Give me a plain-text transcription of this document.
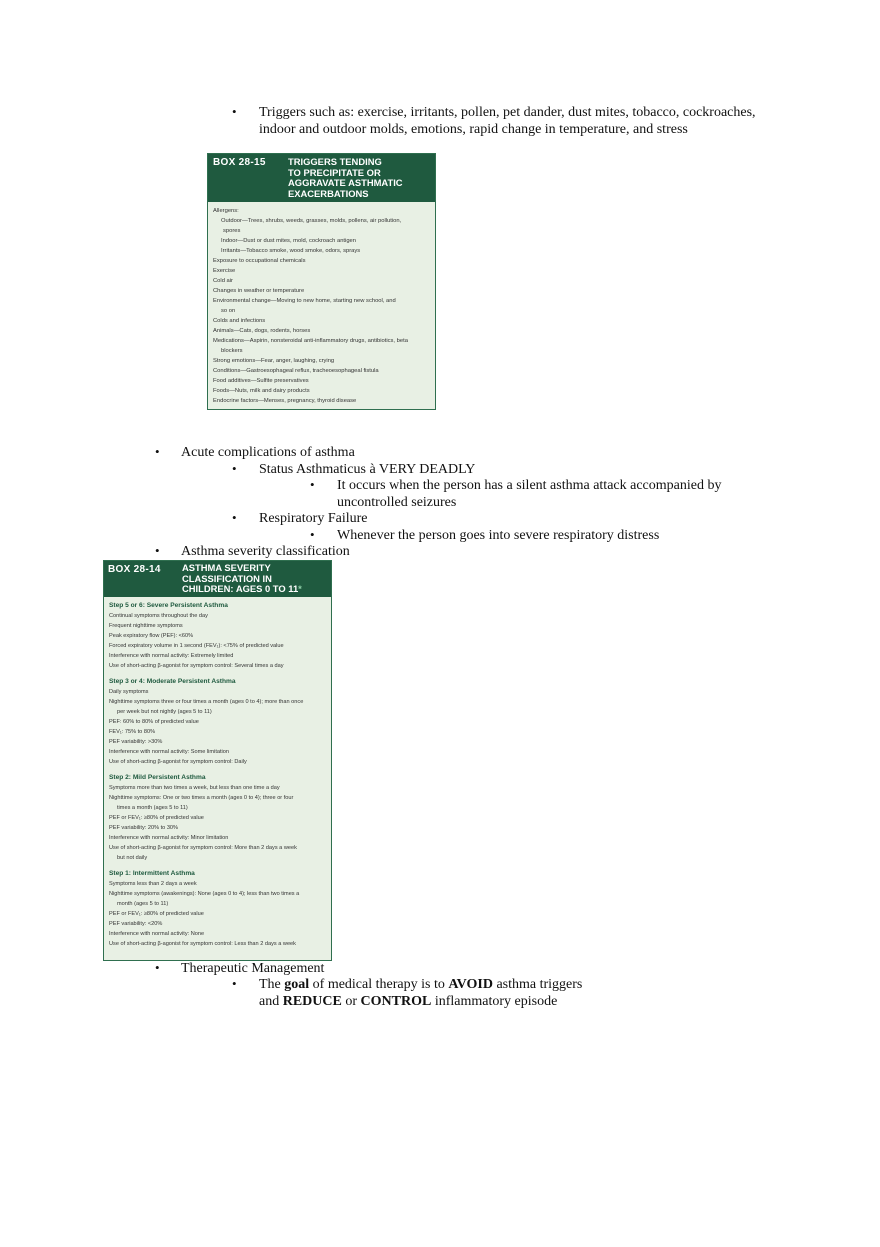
• Triggers such as: exercise, irritants, pollen, pet dander, dust mites, tobacco, cockroaches,
indoor and outdoor molds, emotions, rapid change in temperature, and stress
BOX 28-15 TRIGGERS TENDING
TO PRECIPITATE OR
AGGRAVATE ASTHMATIC
EXACERBATIONS
Allergens:
Outdoor—Trees, shrubs, weeds, grasses, molds, pollens, air pollution,
spores
Indoor—Dust or dust mites, mold, cockroach antigen
Irritants—Tobacco smoke, wood smoke, odors, sprays
Exposure to occupational chemicals
Exercise
Cold air
Changes in weather or temperature
Environmental change—Moving to new home, starting new school, and
so on
Colds and infections
Animals—Cats, dogs, rodents, horses
Medications—Aspirin, nonsteroidal anti-inflammatory drugs, antibiotics, beta
blockers
Strong emotions—Fear, anger, laughing, crying
Conditions—Gastroesophageal reflux, tracheoesophageal fistula
Food additives—Sulfite preservatives
Foods—Nuts, milk and dairy products
Endocrine factors—Menses, pregnancy, thyroid disease
• Acute complications of asthma
• Status Asthmaticus à VERY DEADLY
• It occurs when the person has a silent asthma attack accompanied by
uncontrolled seizures
• Respiratory Failure
• Whenever the person goes into severe respiratory distress
• Asthma severity classification
BOX 28-14 ASTHMA SEVERITY
CLASSIFICATION IN
CHILDREN: AGES 0 TO 11*
Step 5 or 6: Severe Persistent Asthma
Continual symptoms throughout the day
Frequent nighttime symptoms
Peak expiratory flow (PEF): <60%
Forced expiratory volume in 1 second (FEV₁): <75% of predicted value
Interference with normal activity: Extremely limited
Use of short-acting β-agonist for symptom control: Several times a day
Step 3 or 4: Moderate Persistent Asthma
Daily symptoms
Nighttime symptoms three or four times a month (ages 0 to 4); more than once
per week but not nightly (ages 5 to 11)
PEF: 60% to 80% of predicted value
FEV₁: 75% to 80%
PEF variability: >30%
Interference with normal activity: Some limitation
Use of short-acting β-agonist for symptom control: Daily
Step 2: Mild Persistent Asthma
Symptoms more than two times a week, but less than one time a day
Nighttime symptoms: One or two times a month (ages 0 to 4); three or four
times a month (ages 5 to 11)
PEF or FEV₁: ≥80% of predicted value
PEF variability: 20% to 30%
Interference with normal activity: Minor limitation
Use of short-acting β-agonist for symptom control: More than 2 days a week
but not daily
Step 1: Intermittent Asthma
Symptoms less than 2 days a week
Nighttime symptoms (awakenings): None (ages 0 to 4); less than two times a
month (ages 5 to 11)
PEF or FEV₁: ≥80% of predicted value
PEF variability: <20%
Interference with normal activity: None
Use of short-acting β-agonist for symptom control: Less than 2 days a week
• Therapeutic Management
• The goal of medical therapy is to AVOID asthma triggers
and REDUCE or CONTROL inflammatory episode
